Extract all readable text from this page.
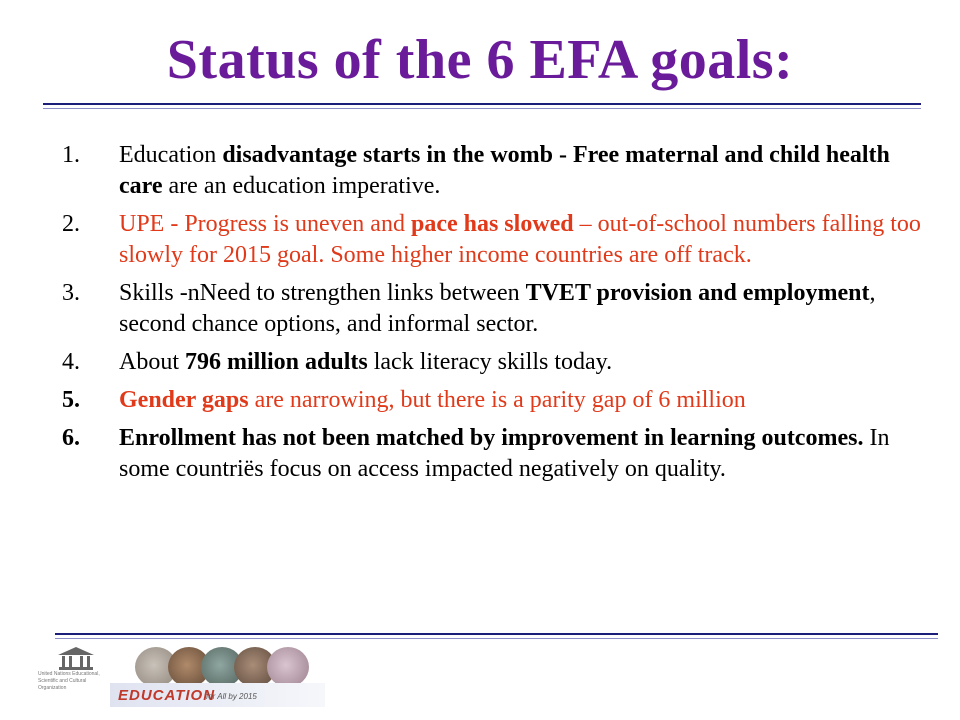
Status of the 6 EFA goals:
1.	Education disadvantage starts in the womb - Free maternal and child health care are an education imperative.
2.	UPE - Progress is uneven and pace has slowed – out-of-school numbers falling too slowly for 2015 goal. Some higher income countries are off track.
3.	Skills -nNeed to strengthen links between TVET provision and employment, second chance options, and informal sector.
4.	About 796 million adults lack literacy skills today.
5.	Gender gaps are narrowing, but there is a parity gap of 6 million
6.	Enrollment has not been matched by improvement in learning outcomes. In some countriës focus on access impacted negatively on quality.
United Nations Educational, Scientific and Cultural Organization	EDUCATION
for All by 2015
